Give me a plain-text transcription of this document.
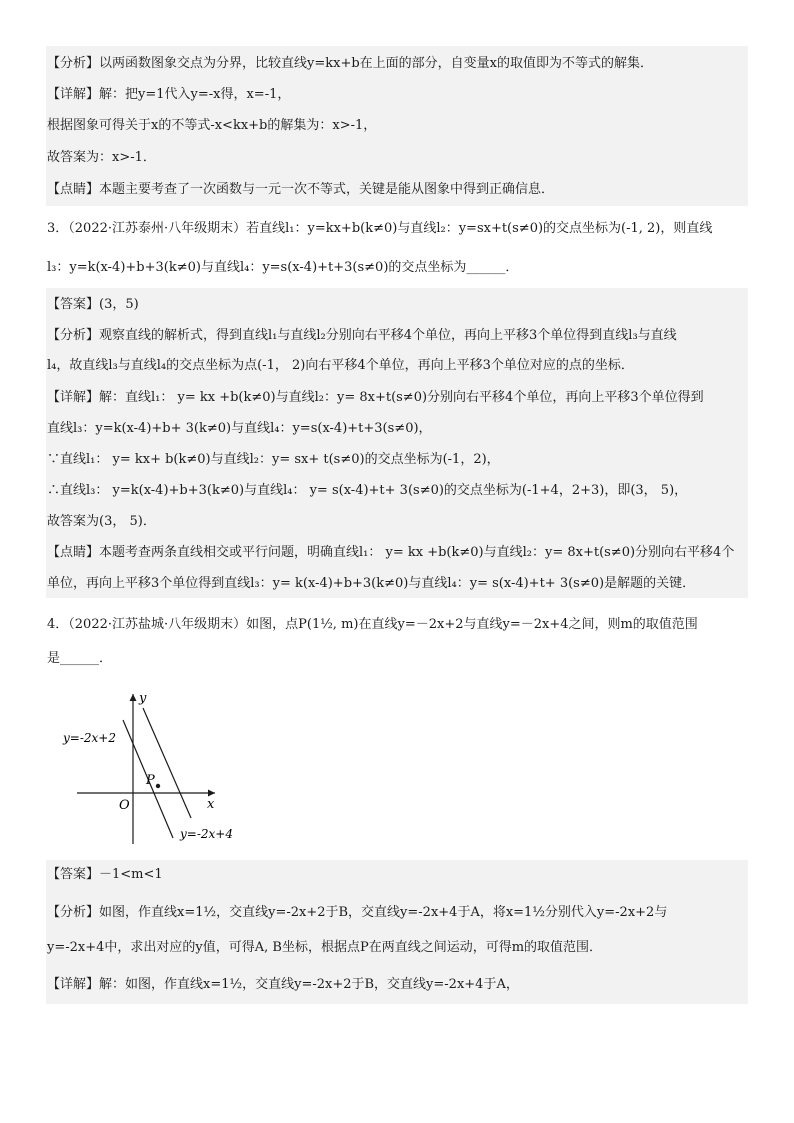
【分析】以两函数图象交点为分界，比较直线y=kx+b在上面的部分，自变量x的取值即为不等式的解集．
【详解】解：把y=1代入y=-x得，x=-1，
根据图象可得关于x的不等式-x<kx+b的解集为：x>-1，
故答案为：x>-1．
【点睛】本题主要考查了一次函数与一元一次不等式，关键是能从图象中得到正确信息．
3．（2022·江苏泰州·八年级期末）若直线l₁：y=kx+b(k≠0)与直线l₂：y=sx+t(s≠0)的交点坐标为(-1, 2)，则直线
l₃：y=k(x-4)+b+3(k≠0)与直线l₄：y=s(x-4)+t+3(s≠0)的交点坐标为______．
【答案】(3，5)
【分析】观察直线的解析式，得到直线l₁与直线l₂分别向右平移4个单位，再向上平移3个单位得到直线l₃与直线
l₄，故直线l₃与直线l₄的交点坐标为点(-1， 2)向右平移4个单位，再向上平移3个单位对应的点的坐标．
【详解】解：直线l₁： y= kx +b(k≠0)与直线l₂：y= 8x+t(s≠0)分别向右平移4个单位，再向上平移3个单位得到
直线l₃：y=k(x-4)+b+ 3(k≠0)与直线l₄：y=s(x-4)+t+3(s≠0)，
∵直线l₁： y= kx+ b(k≠0)与直线l₂：y= sx+ t(s≠0)的交点坐标为(-1，2)，
∴直线l₃： y=k(x-4)+b+3(k≠0)与直线l₄： y= s(x-4)+t+ 3(s≠0)的交点坐标为(-1+4，2+3)，即(3， 5)，
故答案为(3， 5)．
【点睛】本题考查两条直线相交或平行问题，明确直线l₁： y= kx +b(k≠0)与直线l₂：y= 8x+t(s≠0)分别向右平移4个
单位，再向上平移3个单位得到直线l₃：y= k(x-4)+b+3(k≠0)与直线l₄：y= s(x-4)+t+ 3(s≠0)是解题的关键．
4．（2022·江苏盐城·八年级期末）如图，点P(1½, m)在直线y=－2x+2与直线y=－2x+4之间，则m的取值范围
是______．
y
x
O
P
y=-2x+2
y=-2x+4
【答案】－1<m<1
【分析】如图，作直线x=1½，交直线y=-2x+2于B，交直线y=-2x+4于A，将x=1½分别代入y=-2x+2与
y=-2x+4中，求出对应的y值，可得A, B坐标，根据点P在两直线之间运动，可得m的取值范围．
【详解】解：如图，作直线x=1½，交直线y=-2x+2于B，交直线y=-2x+4于A，
